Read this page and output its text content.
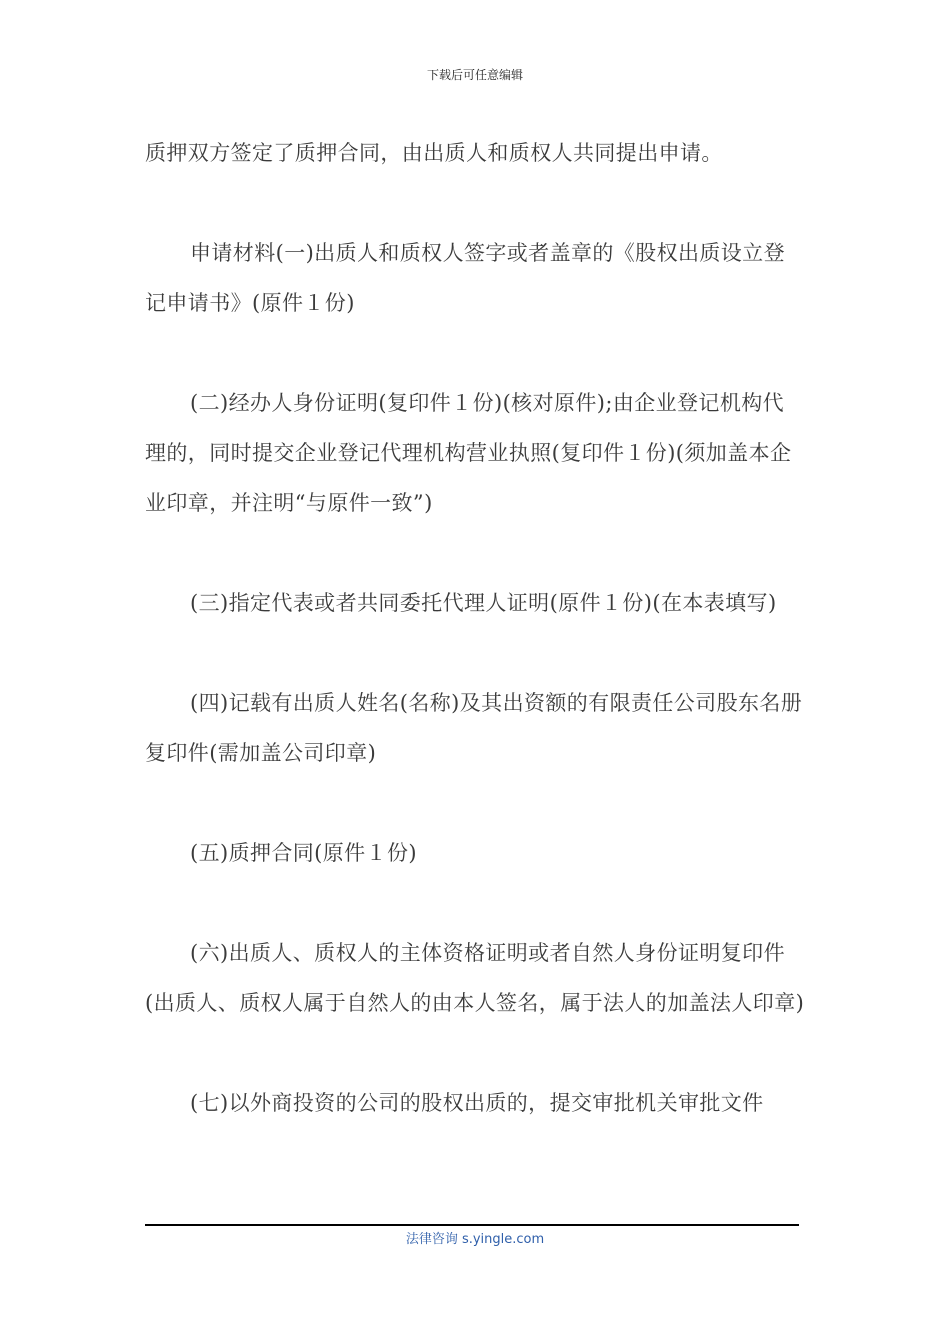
下载后可任意编辑

质押双方签定了质押合同，由出质人和质权人共同提出申请。

申请材料(一)出质人和质权人签字或者盖章的《股权出质设立登记申请书》(原件１份)

(二)经办人身份证明(复印件１份)(核对原件);由企业登记机构代理的，同时提交企业登记代理机构营业执照(复印件１份)(须加盖本企业印章，并注明“与原件一致”)

(三)指定代表或者共同委托代理人证明(原件１份)(在本表填写)

(四)记载有出质人姓名(名称)及其出资额的有限责任公司股东名册复印件(需加盖公司印章)

(五)质押合同(原件１份)

(六)出质人、质权人的主体资格证明或者自然人身份证明复印件(出质人、质权人属于自然人的由本人签名，属于法人的加盖法人印章)

(七)以外商投资的公司的股权出质的，提交审批机关审批文件

法律咨询 s.yingle.com
